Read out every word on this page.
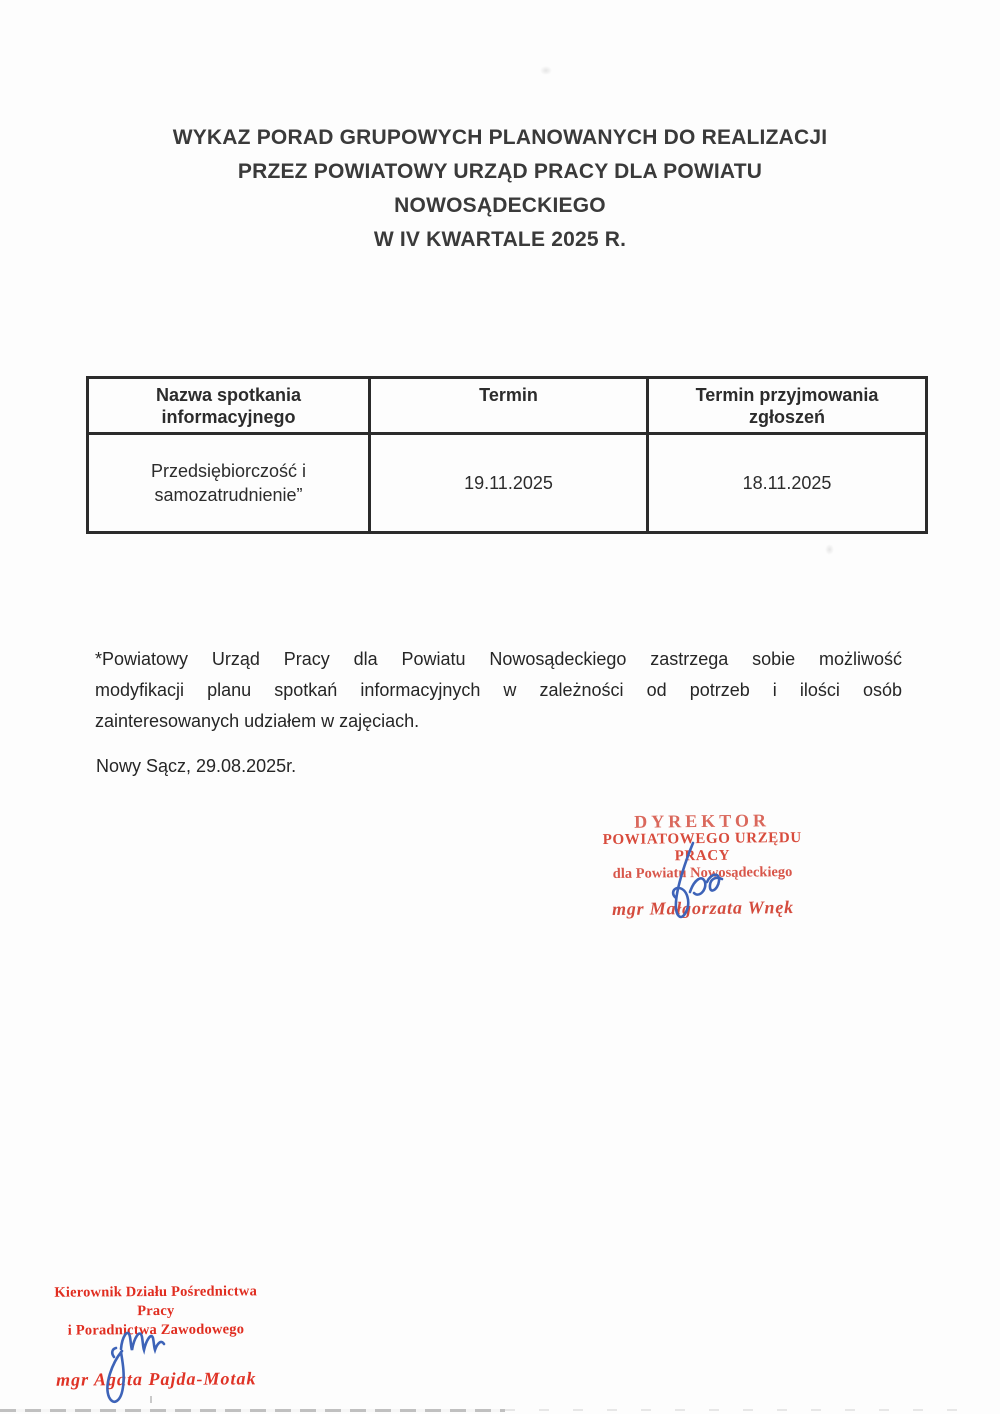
WYKAZ PORAD GRUPOWYCH PLANOWANYCH DO REALIZACJI
PRZEZ POWIATOWY URZĄD PRACY DLA POWIATU
NOWOSĄDECKIEGO
W IV KWARTALE 2025 R.
Nazwa spotkania informacyjnego	Termin	Termin przyjmowania zgłoszeń
Przedsiębiorczość i samozatrudnienie”	19.11.2025	18.11.2025
*Powiatowy Urząd Pracy dla Powiatu Nowosądeckiego zastrzega sobie możliwość
modyfikacji planu spotkań informacyjnych w zależności od potrzeb i ilości osób
zainteresowanych udziałem w zajęciach.
Nowy Sącz, 29.08.2025r.
DYREKTOR
POWIATOWEGO URZĘDU PRACY
dla Powiatu Nowosądeckiego
mgr Małgorzata Wnęk
Kierownik Działu Pośrednictwa Pracy
i Poradnictwa Zawodowego
mgr Agata Pajda-Motak
